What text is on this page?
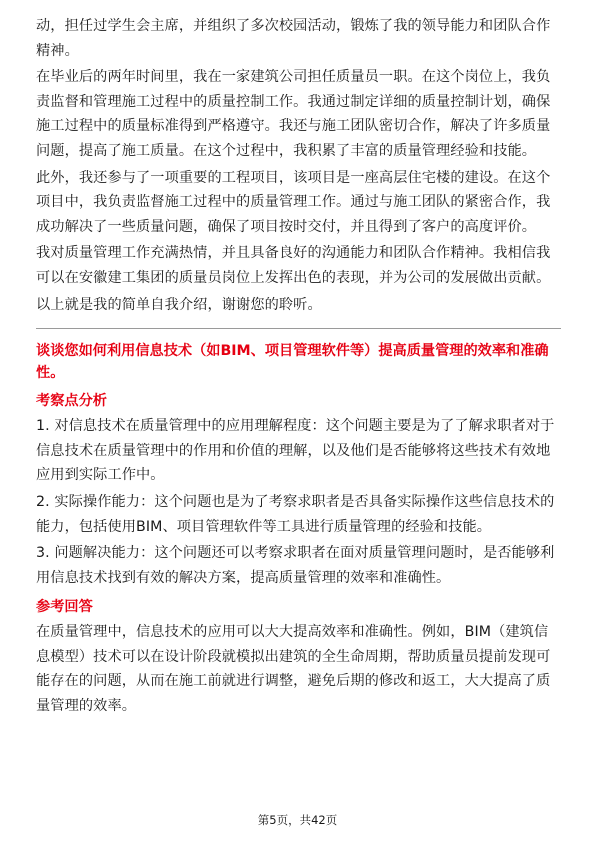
动，担任过学生会主席，并组织了多次校园活动，锻炼了我的领导能力和团队合作精神。

在毕业后的两年时间里，我在一家建筑公司担任质量员一职。在这个岗位上，我负责监督和管理施工过程中的质量控制工作。我通过制定详细的质量控制计划，确保施工过程中的质量标准得到严格遵守。我还与施工团队密切合作，解决了许多质量问题，提高了施工质量。在这个过程中，我积累了丰富的质量管理经验和技能。

此外，我还参与了一项重要的工程项目，该项目是一座高层住宅楼的建设。在这个项目中，我负责监督施工过程中的质量管理工作。通过与施工团队的紧密合作，我成功解决了一些质量问题，确保了项目按时交付，并且得到了客户的高度评价。

我对质量管理工作充满热情，并且具备良好的沟通能力和团队合作精神。我相信我可以在安徽建工集团的质量员岗位上发挥出色的表现，并为公司的发展做出贡献。

以上就是我的简单自我介绍，谢谢您的聆听。

谈谈您如何利用信息技术（如BIM、项目管理软件等）提高质量管理的效率和准确性。
考察点分析

1. 对信息技术在质量管理中的应用理解程度：这个问题主要是为了了解求职者对于信息技术在质量管理中的作用和价值的理解，以及他们是否能够将这些技术有效地应用到实际工作中。

2. 实际操作能力：这个问题也是为了考察求职者是否具备实际操作这些信息技术的能力，包括使用BIM、项目管理软件等工具进行质量管理的经验和技能。

3. 问题解决能力：这个问题还可以考察求职者在面对质量管理问题时，是否能够利用信息技术找到有效的解决方案，提高质量管理的效率和准确性。

参考回答

在质量管理中，信息技术的应用可以大大提高效率和准确性。例如，BIM（建筑信息模型）技术可以在设计阶段就模拟出建筑的全生命周期，帮助质量员提前发现可能存在的问题，从而在施工前就进行调整，避免后期的修改和返工，大大提高了质量管理的效率。

第5页，共42页
